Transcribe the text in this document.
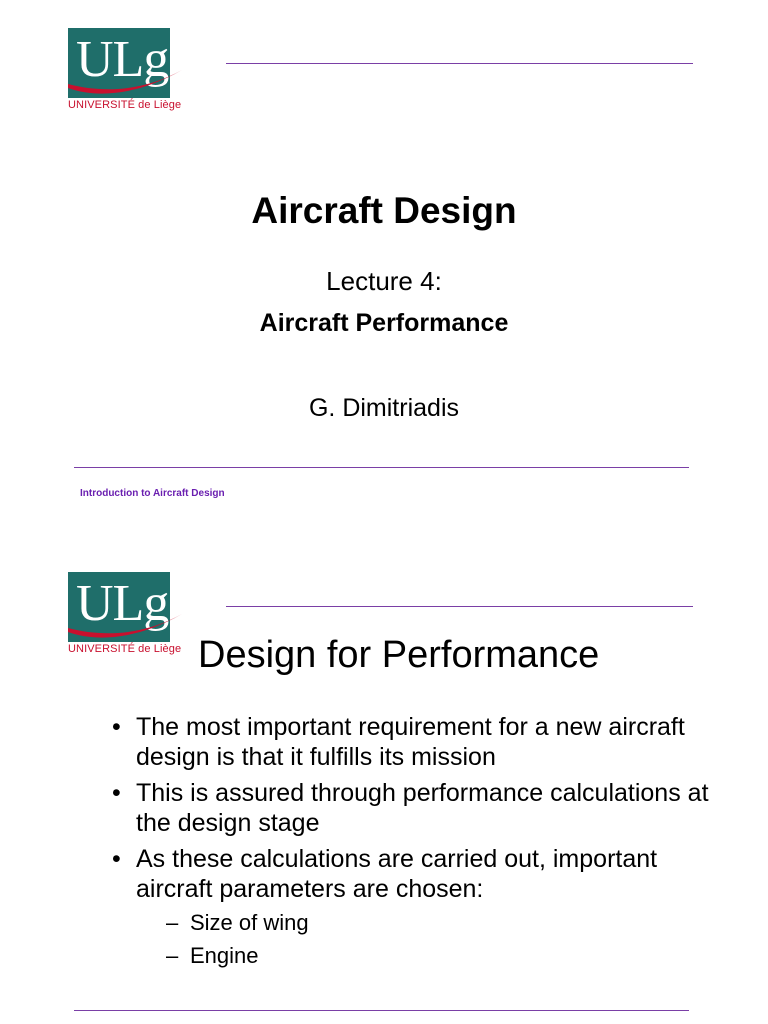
ULg
UNIVERSITÉ de Liège
Aircraft Design
Lecture 4:
Aircraft Performance
G. Dimitriadis
Introduction to Aircraft Design
ULg
UNIVERSITÉ de Liège Design for Performance
• The most important requirement for a new aircraft design is that it fulfills its mission
• This is assured through performance calculations at the design stage
• As these calculations are carried out, important aircraft parameters are chosen:
– Size of wing
– Engine
